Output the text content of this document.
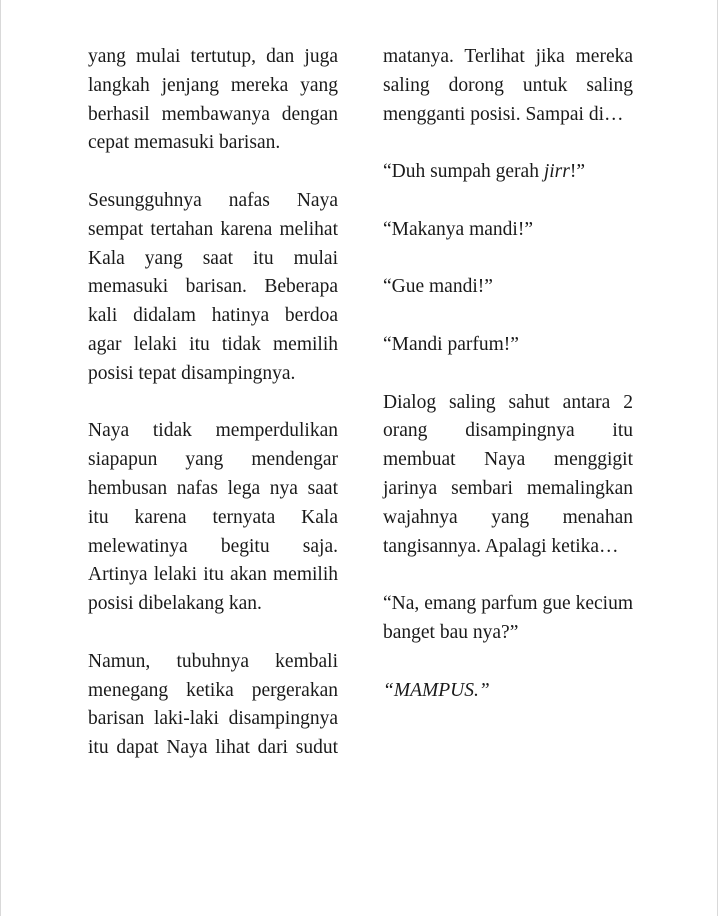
yang mulai tertutup, dan juga langkah jenjang mereka yang berhasil membawanya dengan cepat memasuki barisan.

Sesungguhnya nafas Naya sempat tertahan karena melihat Kala yang saat itu mulai memasuki barisan. Beberapa kali didalam hatinya berdoa agar lelaki itu tidak memilih posisi tepat disampingnya.

Naya tidak memperdulikan siapapun yang mendengar hembusan nafas lega nya saat itu karena ternyata Kala melewatinya begitu saja. Artinya lelaki itu akan memilih posisi dibelakang kan.

Namun, tubuhnya kembali menegang ketika pergerakan barisan laki-laki disampingnya itu dapat Naya lihat dari sudut

matanya. Terlihat jika mereka saling dorong untuk saling mengganti posisi. Sampai di…

“Duh sumpah gerah jirr!”

“Makanya mandi!”

“Gue mandi!”

“Mandi parfum!”

Dialog saling sahut antara 2 orang disampingnya itu membuat Naya menggigit jarinya sembari memalingkan wajahnya yang menahan tangisannya. Apalagi ketika…

“Na, emang parfum gue kecium banget bau nya?”

“MAMPUS.”
